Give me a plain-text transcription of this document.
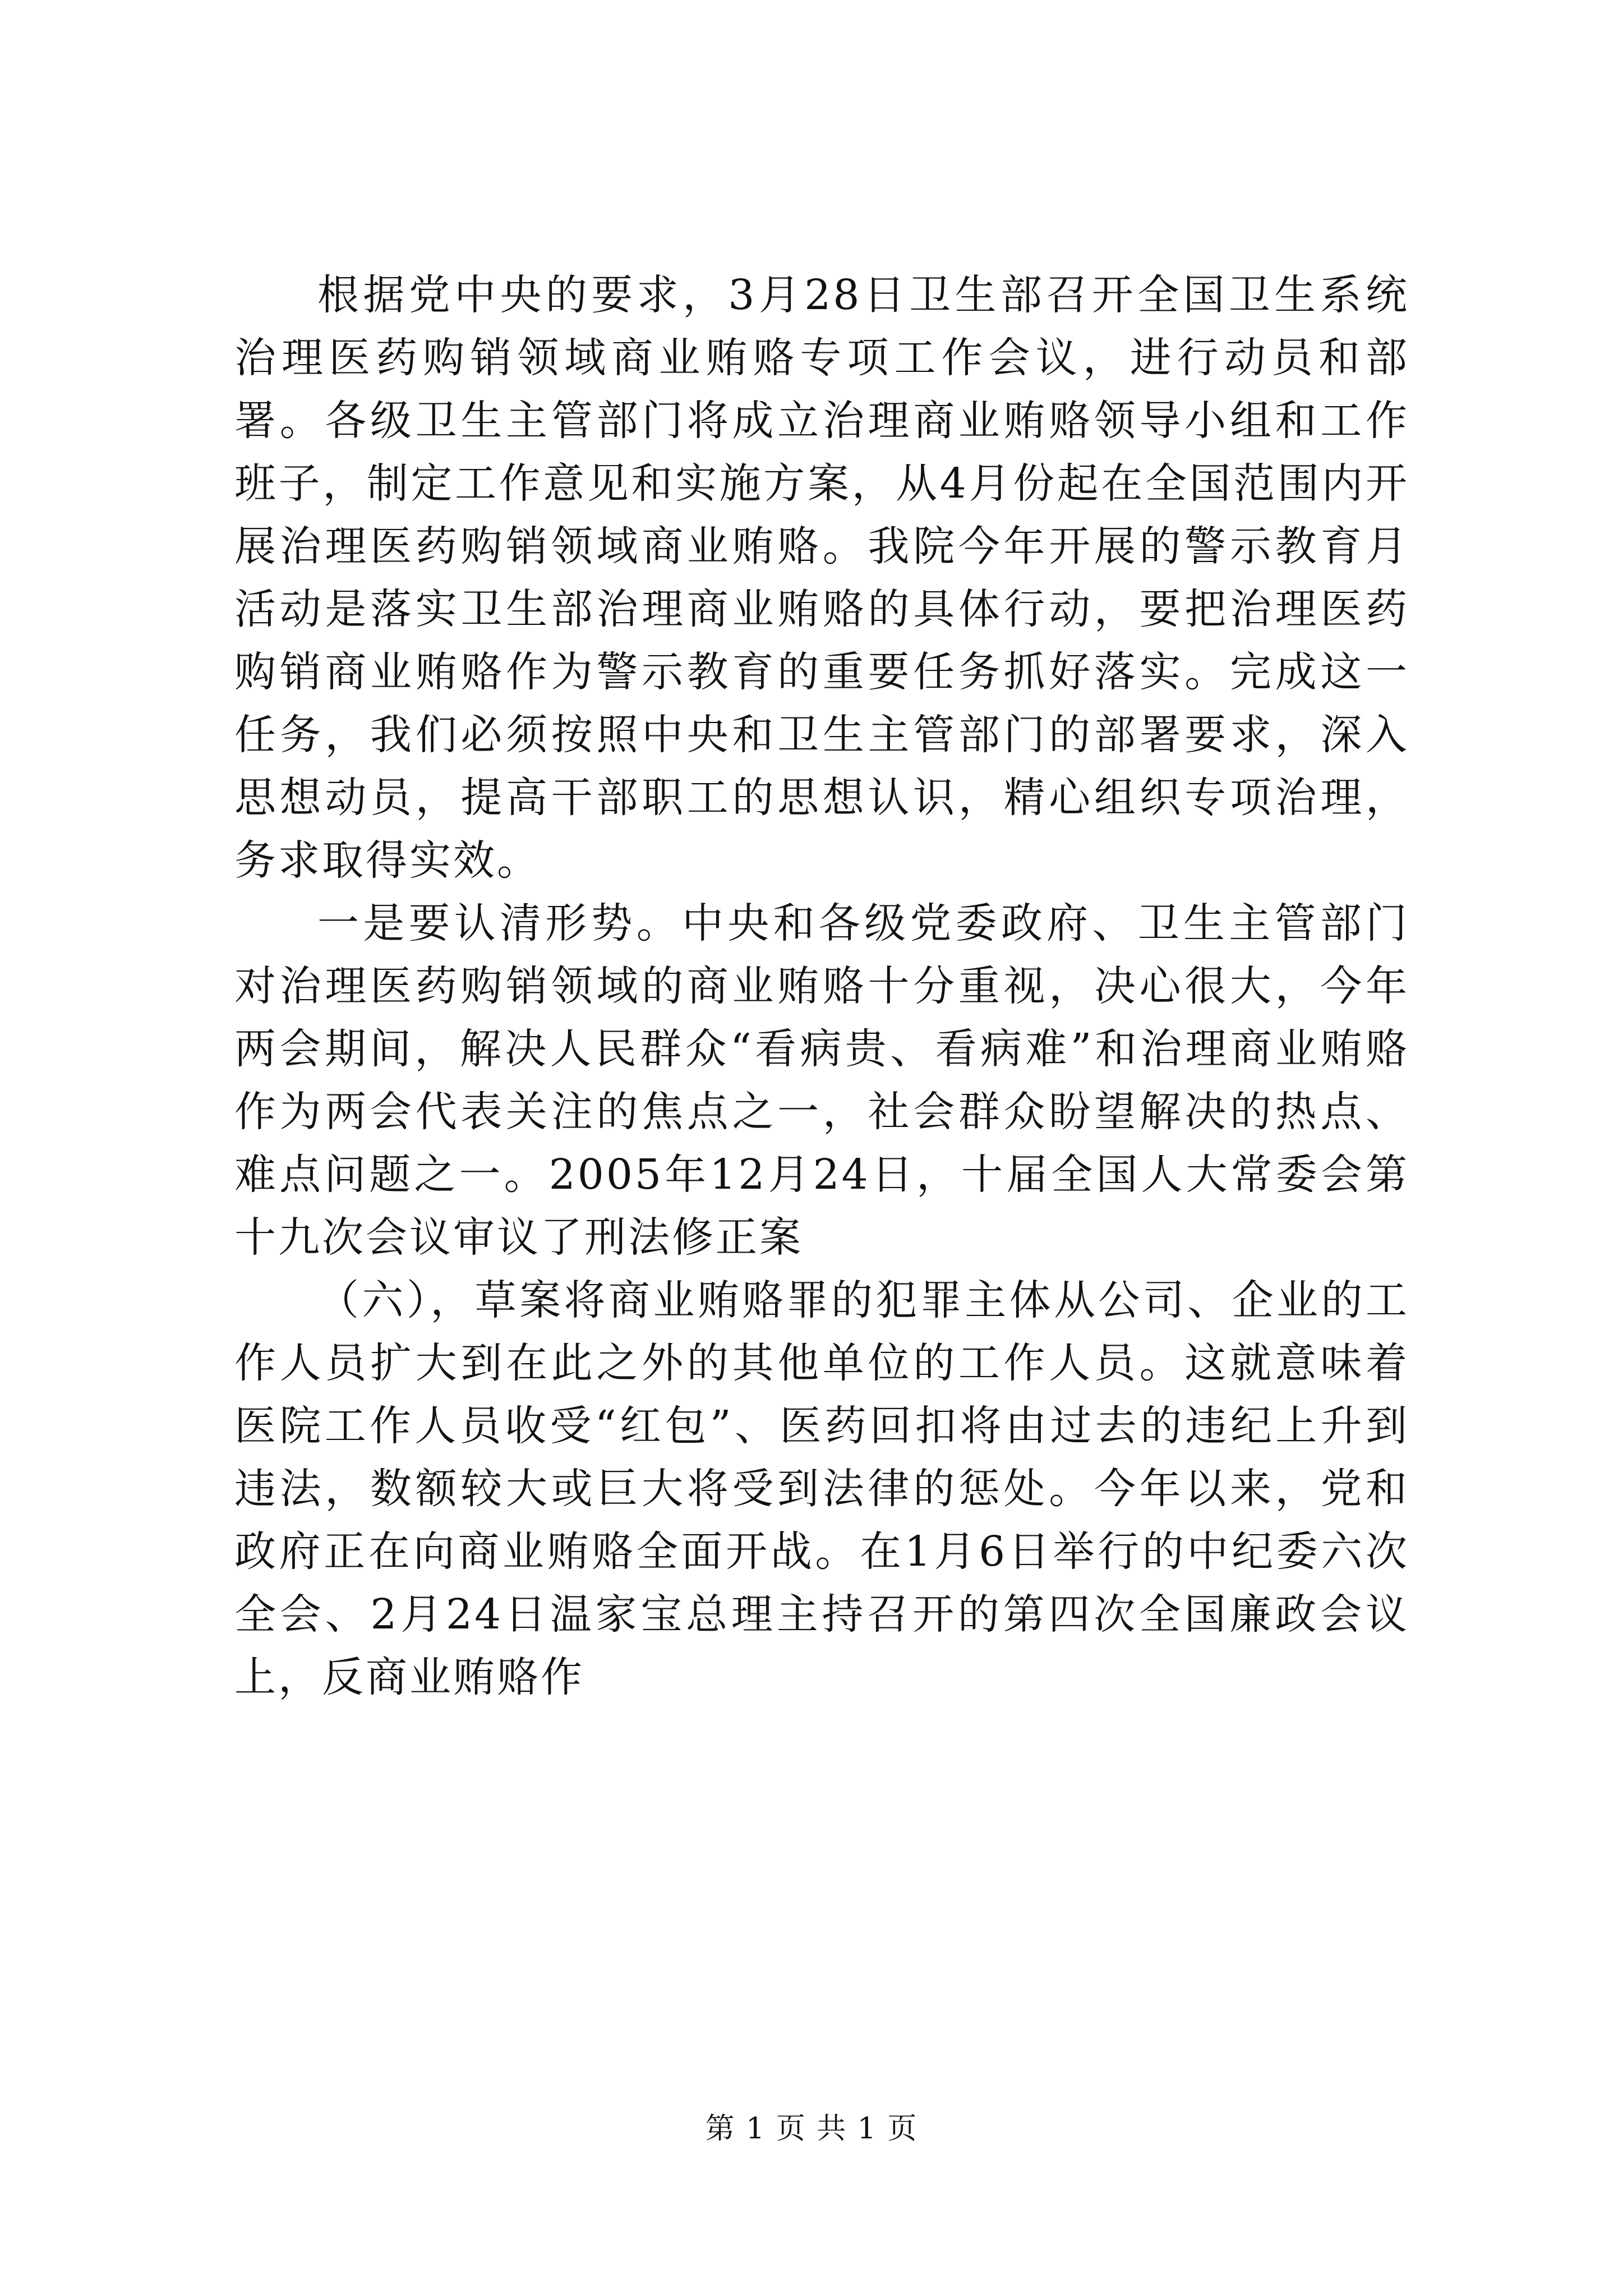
根据党中央的要求，3月28日卫生部召开全国卫生系统治理医药购销领域商业贿赂专项工作会议，进行动员和部署。各级卫生主管部门将成立治理商业贿赂领导小组和工作班子，制定工作意见和实施方案，从4月份起在全国范围内开展治理医药购销领域商业贿赂。我院今年开展的警示教育月活动是落实卫生部治理商业贿赂的具体行动，要把治理医药购销商业贿赂作为警示教育的重要任务抓好落实。完成这一任务，我们必须按照中央和卫生主管部门的部署要求，深入思想动员，提高干部职工的思想认识，精心组织专项治理，务求取得实效。

一是要认清形势。中央和各级党委政府、卫生主管部门对治理医药购销领域的商业贿赂十分重视，决心很大，今年两会期间，解决人民群众“看病贵、看病难”和治理商业贿赂作为两会代表关注的焦点之一，社会群众盼望解决的热点、难点问题之一。2005年12月24日，十届全国人大常委会第十九次会议审议了刑法修正案

（六），草案将商业贿赂罪的犯罪主体从公司、企业的工作人员扩大到在此之外的其他单位的工作人员。这就意味着医院工作人员收受“红包”、医药回扣将由过去的违纪上升到违法，数额较大或巨大将受到法律的惩处。今年以来，党和政府正在向商业贿赂全面开战。在1月6日举行的中纪委六次全会、2月24日温家宝总理主持召开的第四次全国廉政会议上，反商业贿赂作

第 1 页 共 1 页
